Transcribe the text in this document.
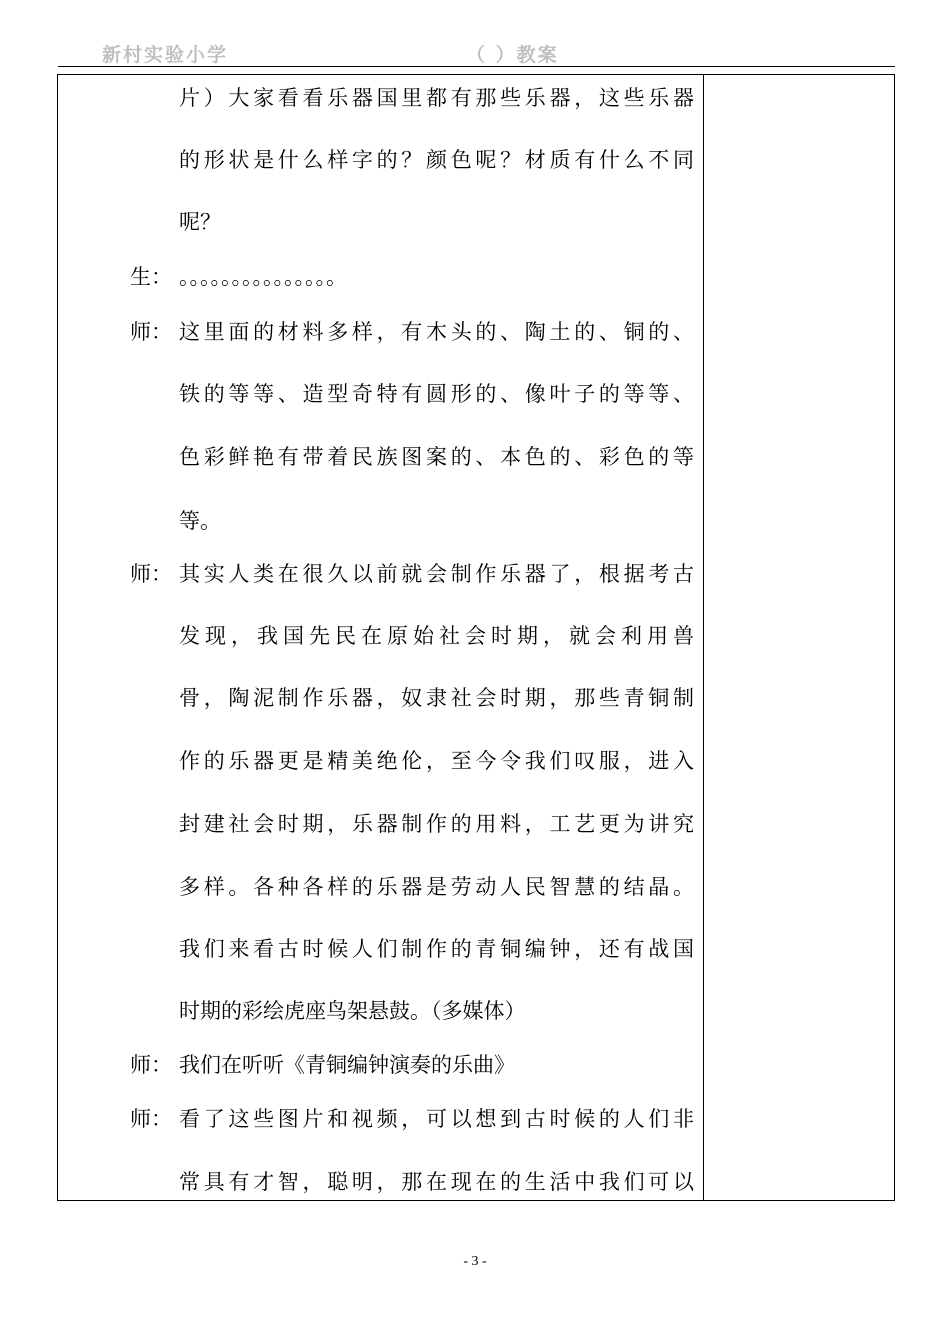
新村实验小学	（ ）教案
片）大家看看乐器国里都有那些乐器，这些乐器
的形状是什么样字的？颜色呢？材质有什么不同
呢？
生： 。。。。。。。。。。。。。。。
师： 这里面的材料多样，有木头的、陶土的、铜的、
铁的等等、造型奇特有圆形的、像叶子的等等、
色彩鲜艳有带着民族图案的、本色的、彩色的等
等。
师： 其实人类在很久以前就会制作乐器了，根据考古
发现，我国先民在原始社会时期，就会利用兽
骨，陶泥制作乐器，奴隶社会时期，那些青铜制
作的乐器更是精美绝伦，至今令我们叹服，进入
封建社会时期，乐器制作的用料，工艺更为讲究
多样。各种各样的乐器是劳动人民智慧的结晶。
我们来看古时候人们制作的青铜编钟，还有战国
时期的彩绘虎座鸟架悬鼓。（多媒体）
师： 我们在听听《青铜编钟演奏的乐曲》
师： 看了这些图片和视频，可以想到古时候的人们非
常具有才智，聪明，那在现在的生活中我们可以
- 3 -
